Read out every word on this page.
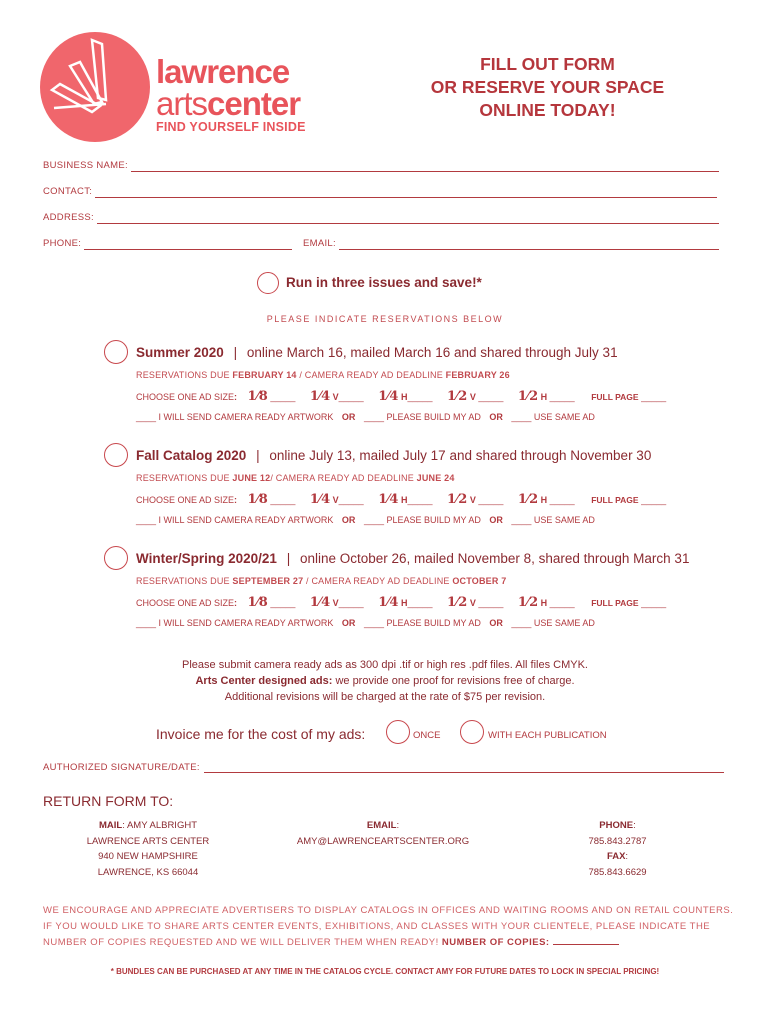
lawrence
artscenter
FIND YOURSELF INSIDE
FILL OUT FORM
OR RESERVE YOUR SPACE
ONLINE TODAY!
BUSINESS NAME:
CONTACT:
ADDRESS:
PHONE:	EMAIL:
Run in three issues and save!*
PLEASE INDICATE RESERVATIONS BELOW
Summer 2020 | online March 16, mailed March 16 and shared through July 31
RESERVATIONS DUE FEBRUARY 14 / CAMERA READY AD DEADLINE FEBRUARY 26
CHOOSE ONE AD SIZE: 1⁄8 _____ 1⁄4 V_____ 1⁄4 H_____ 1⁄2 V _____ 1⁄2 H _____ FULL PAGE _____
____ I WILL SEND CAMERA READY ARTWORK OR ____ PLEASE BUILD MY AD OR ____ USE SAME AD
Fall Catalog 2020 | online July 13, mailed July 17 and shared through November 30
RESERVATIONS DUE JUNE 12/ CAMERA READY AD DEADLINE JUNE 24
CHOOSE ONE AD SIZE: 1⁄8 _____ 1⁄4 V_____ 1⁄4 H_____ 1⁄2 V _____ 1⁄2 H _____ FULL PAGE _____
____ I WILL SEND CAMERA READY ARTWORK OR ____ PLEASE BUILD MY AD OR ____ USE SAME AD
Winter/Spring 2020/21 | online October 26, mailed November 8, shared through March 31
RESERVATIONS DUE SEPTEMBER 27 / CAMERA READY AD DEADLINE OCTOBER 7
CHOOSE ONE AD SIZE: 1⁄8 _____ 1⁄4 V_____ 1⁄4 H_____ 1⁄2 V _____ 1⁄2 H _____ FULL PAGE _____
____ I WILL SEND CAMERA READY ARTWORK OR ____ PLEASE BUILD MY AD OR ____ USE SAME AD
Please submit camera ready ads as 300 dpi .tif or high res .pdf files. All files CMYK.
Arts Center designed ads: we provide one proof for revisions free of charge.
Additional revisions will be charged at the rate of $75 per revision.
Invoice me for the cost of my ads:	ONCE	WITH EACH PUBLICATION
AUTHORIZED SIGNATURE/DATE:
RETURN FORM TO:
MAIL: AMY ALBRIGHT
LAWRENCE ARTS CENTER
940 NEW HAMPSHIRE
LAWRENCE, KS 66044
EMAIL:
AMY@LAWRENCEARTSCENTER.ORG
PHONE:
785.843.2787
FAX:
785.843.6629
WE ENCOURAGE AND APPRECIATE ADVERTISERS TO DISPLAY CATALOGS IN OFFICES AND WAITING ROOMS AND ON RETAIL COUNTERS.
IF YOU WOULD LIKE TO SHARE ARTS CENTER EVENTS, EXHIBITIONS, AND CLASSES WITH YOUR CLIENTELE, PLEASE INDICATE THE
NUMBER OF COPIES REQUESTED AND WE WILL DELIVER THEM WHEN READY! NUMBER OF COPIES:
* BUNDLES CAN BE PURCHASED AT ANY TIME IN THE CATALOG CYCLE. CONTACT AMY FOR FUTURE DATES TO LOCK IN SPECIAL PRICING!
